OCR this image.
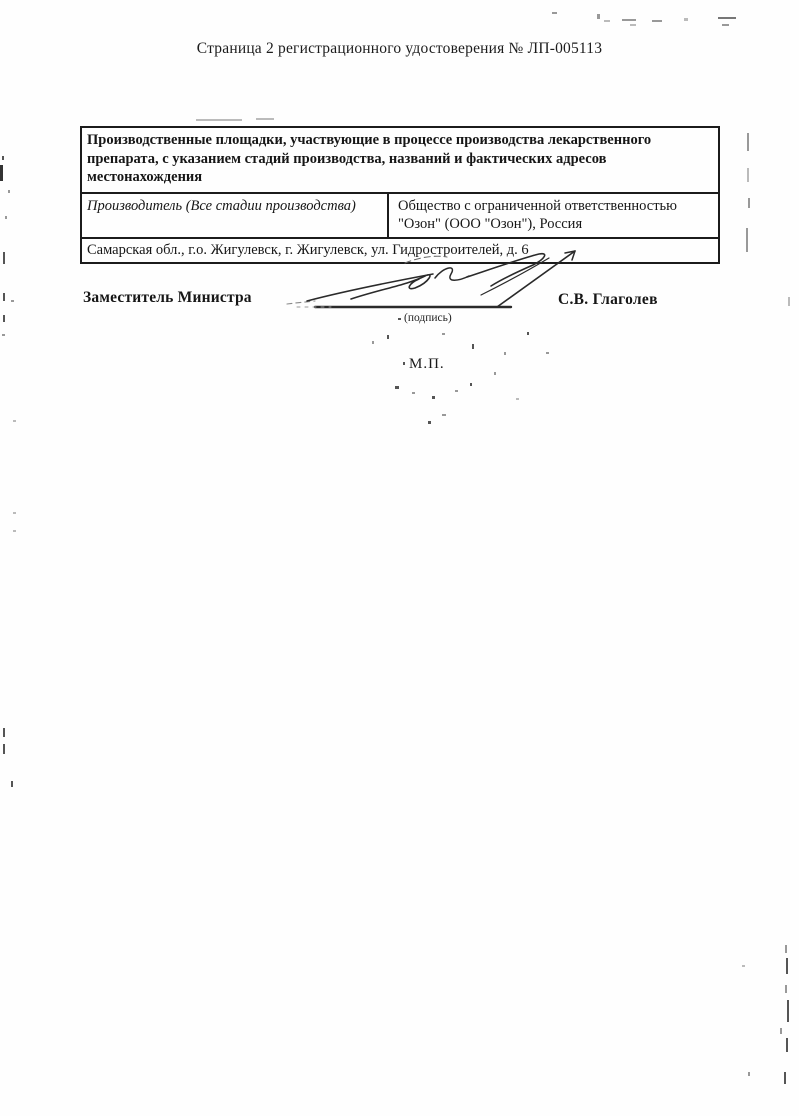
Страница 2 регистрационного удостоверения № ЛП-005113
Производственные площадки, участвующие в процессе производства лекарственного препарата, с указанием стадий производства, названий и фактических адресов местонахождения
Производитель (Все стадии производства)	Общество с ограниченной ответственностью "Озон" (ООО "Озон"), Россия
Самарская обл., г.о. Жигулевск, г. Жигулевск, ул. Гидростроителей, д. 6
Заместитель Министра	С.В. Глаголев
(подпись)
М.П.
